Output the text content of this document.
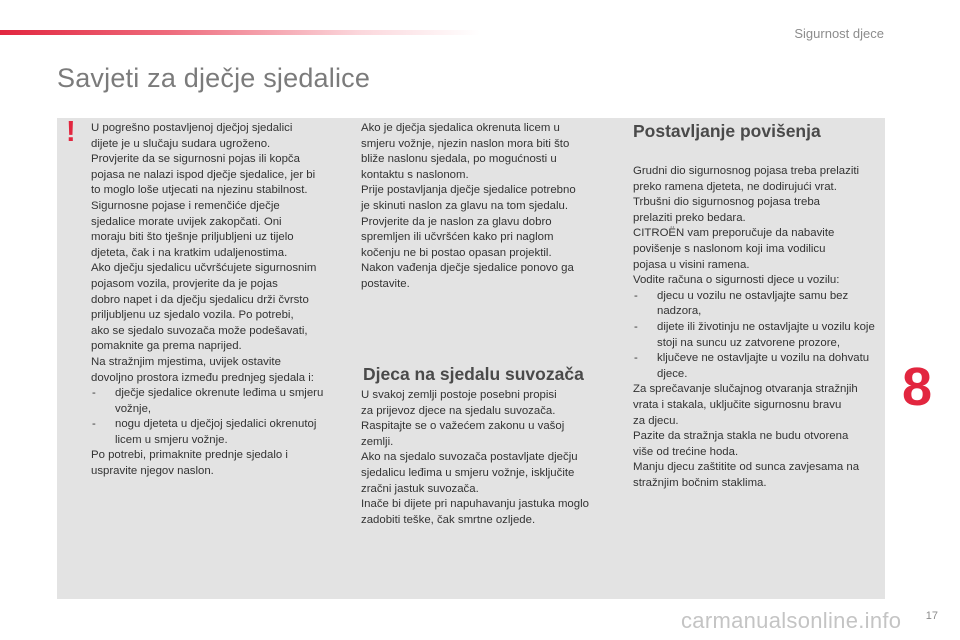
Sigurnost djece
Savjeti za dječje sjedalice
! U pogrešno postavljenoj dječjoj sjedalici

dijete je u slučaju sudara ugroženo.

Provjerite da se sigurnosni pojas ili kopča

pojasa ne nalazi ispod dječje sjedalice, jer bi

to moglo loše utjecati na njezinu stabilnost.

Sigurnosne pojase i remenčiće dječje

sjedalice morate uvijek zakopčati. Oni

moraju biti što tješnje priljubljeni uz tijelo

djeteta, čak i na kratkim udaljenostima.

Ako dječju sjedalicu učvršćujete sigurnosnim

pojasom vozila, provjerite da je pojas

dobro napet i da dječju sjedalicu drži čvrsto

priljubljenu uz sjedalo vozila. Po potrebi,

ako se sjedalo suvozača može podešavati,

pomaknite ga prema naprijed.

Na stražnjim mjestima, uvijek ostavite

dovoljno prostora između prednjeg sjedala i:

- dječje sjedalice okrenute leđima u smjeru vožnje,
- nogu djeteta u dječjoj sjedalici okrenutoj licem u smjeru vožnje.

Po potrebi, primaknite prednje sjedalo i

uspravite njegov naslon.

Ako je dječja sjedalica okrenuta licem u

smjeru vožnje, njezin naslon mora biti što

bliže naslonu sjedala, po mogućnosti u

kontaktu s naslonom.

Prije postavljanja dječje sjedalice potrebno

je skinuti naslon za glavu na tom sjedalu.

Provjerite da je naslon za glavu dobro

spremljen ili učvršćen kako pri naglom

kočenju ne bi postao opasan projektil.

Nakon vađenja dječje sjedalice ponovo ga

postavite.

Djeca na sjedalu suvozača

U svakoj zemlji postoje posebni propisi

za prijevoz djece na sjedalu suvozača.

Raspitajte se o važećem zakonu u vašoj

zemlji.

Ako na sjedalo suvozača postavljate dječju

sjedalicu leđima u smjeru vožnje, isključite

zračni jastuk suvozača.

Inače bi dijete pri napuhavanju jastuka moglo

zadobiti teške, čak smrtne ozljede.

Postavljanje povišenja

Grudni dio sigurnosnog pojasa treba prelaziti

preko ramena djeteta, ne dodirujući vrat.

Trbušni dio sigurnosnog pojasa treba

prelaziti preko bedara.

CITROËN vam preporučuje da nabavite

povišenje s naslonom koji ima vodilicu

pojasa u visini ramena.

Vodite računa o sigurnosti djece u vozilu:

- djecu u vozilu ne ostavljajte samu bez nadzora,
- dijete ili životinju ne ostavljajte u vozilu koje stoji na suncu uz zatvorene prozore,
- ključeve ne ostavljajte u vozilu na dohvatu djece.

Za sprečavanje slučajnog otvaranja stražnjih

vrata i stakala, uključite sigurnosnu bravu

za djecu.

Pazite da stražnja stakla ne budu otvorena

više od trećine hoda.

Manju djecu zaštitite od sunca zavjesama na

stražnjim bočnim staklima.

8
carmanualsonline.info 17
